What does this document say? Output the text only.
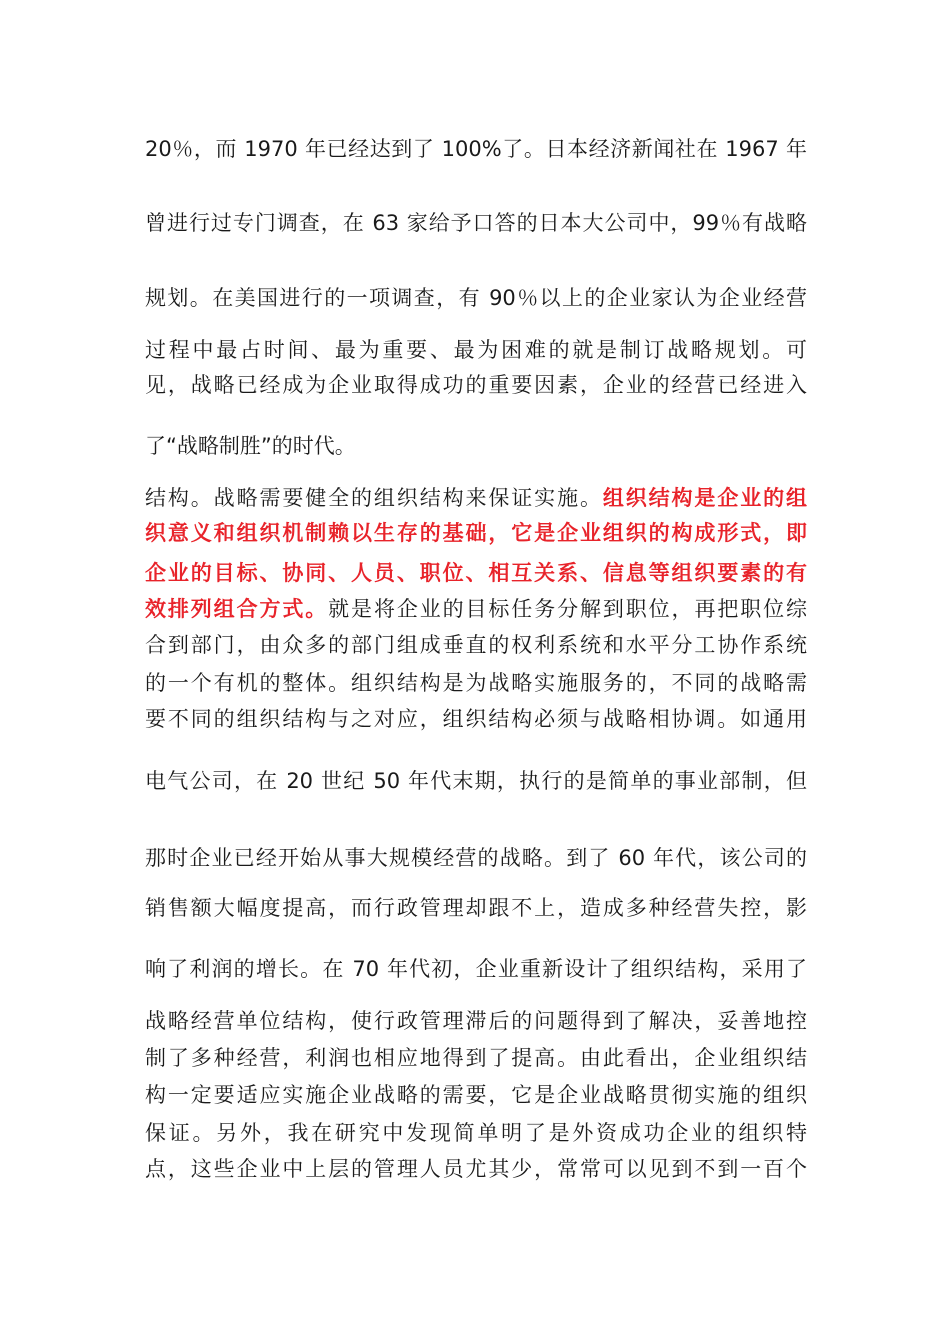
20％，而 1970 年已经达到了 100%了。日本经济新闻社在 1967 年
曾进行过专门调查，在 63 家给予口答的日本大公司中，99％有战略
规划。在美国进行的一项调查，有 90％以上的企业家认为企业经营
过程中最占时间、最为重要、最为困难的就是制订战略规划。可
见，战略已经成为企业取得成功的重要因素，企业的经营已经进入
了“战略制胜”的时代。
结构。战略需要健全的组织结构来保证实施。组织结构是企业的组
织意义和组织机制赖以生存的基础，它是企业组织的构成形式，即
企业的目标、协同、人员、职位、相互关系、信息等组织要素的有
效排列组合方式。就是将企业的目标任务分解到职位，再把职位综
合到部门，由众多的部门组成垂直的权利系统和水平分工协作系统
的一个有机的整体。组织结构是为战略实施服务的，不同的战略需
要不同的组织结构与之对应，组织结构必须与战略相协调。如通用
电气公司，在 20 世纪 50 年代末期，执行的是简单的事业部制，但
那时企业已经开始从事大规模经营的战略。到了 60 年代，该公司的
销售额大幅度提高，而行政管理却跟不上，造成多种经营失控，影
响了利润的增长。在 70 年代初，企业重新设计了组织结构，采用了
战略经营单位结构，使行政管理滞后的问题得到了解决，妥善地控
制了多种经营，利润也相应地得到了提高。由此看出，企业组织结
构一定要适应实施企业战略的需要，它是企业战略贯彻实施的组织
保证。另外，我在研究中发现简单明了是外资成功企业的组织特
点，这些企业中上层的管理人员尤其少，常常可以见到不到一百个
